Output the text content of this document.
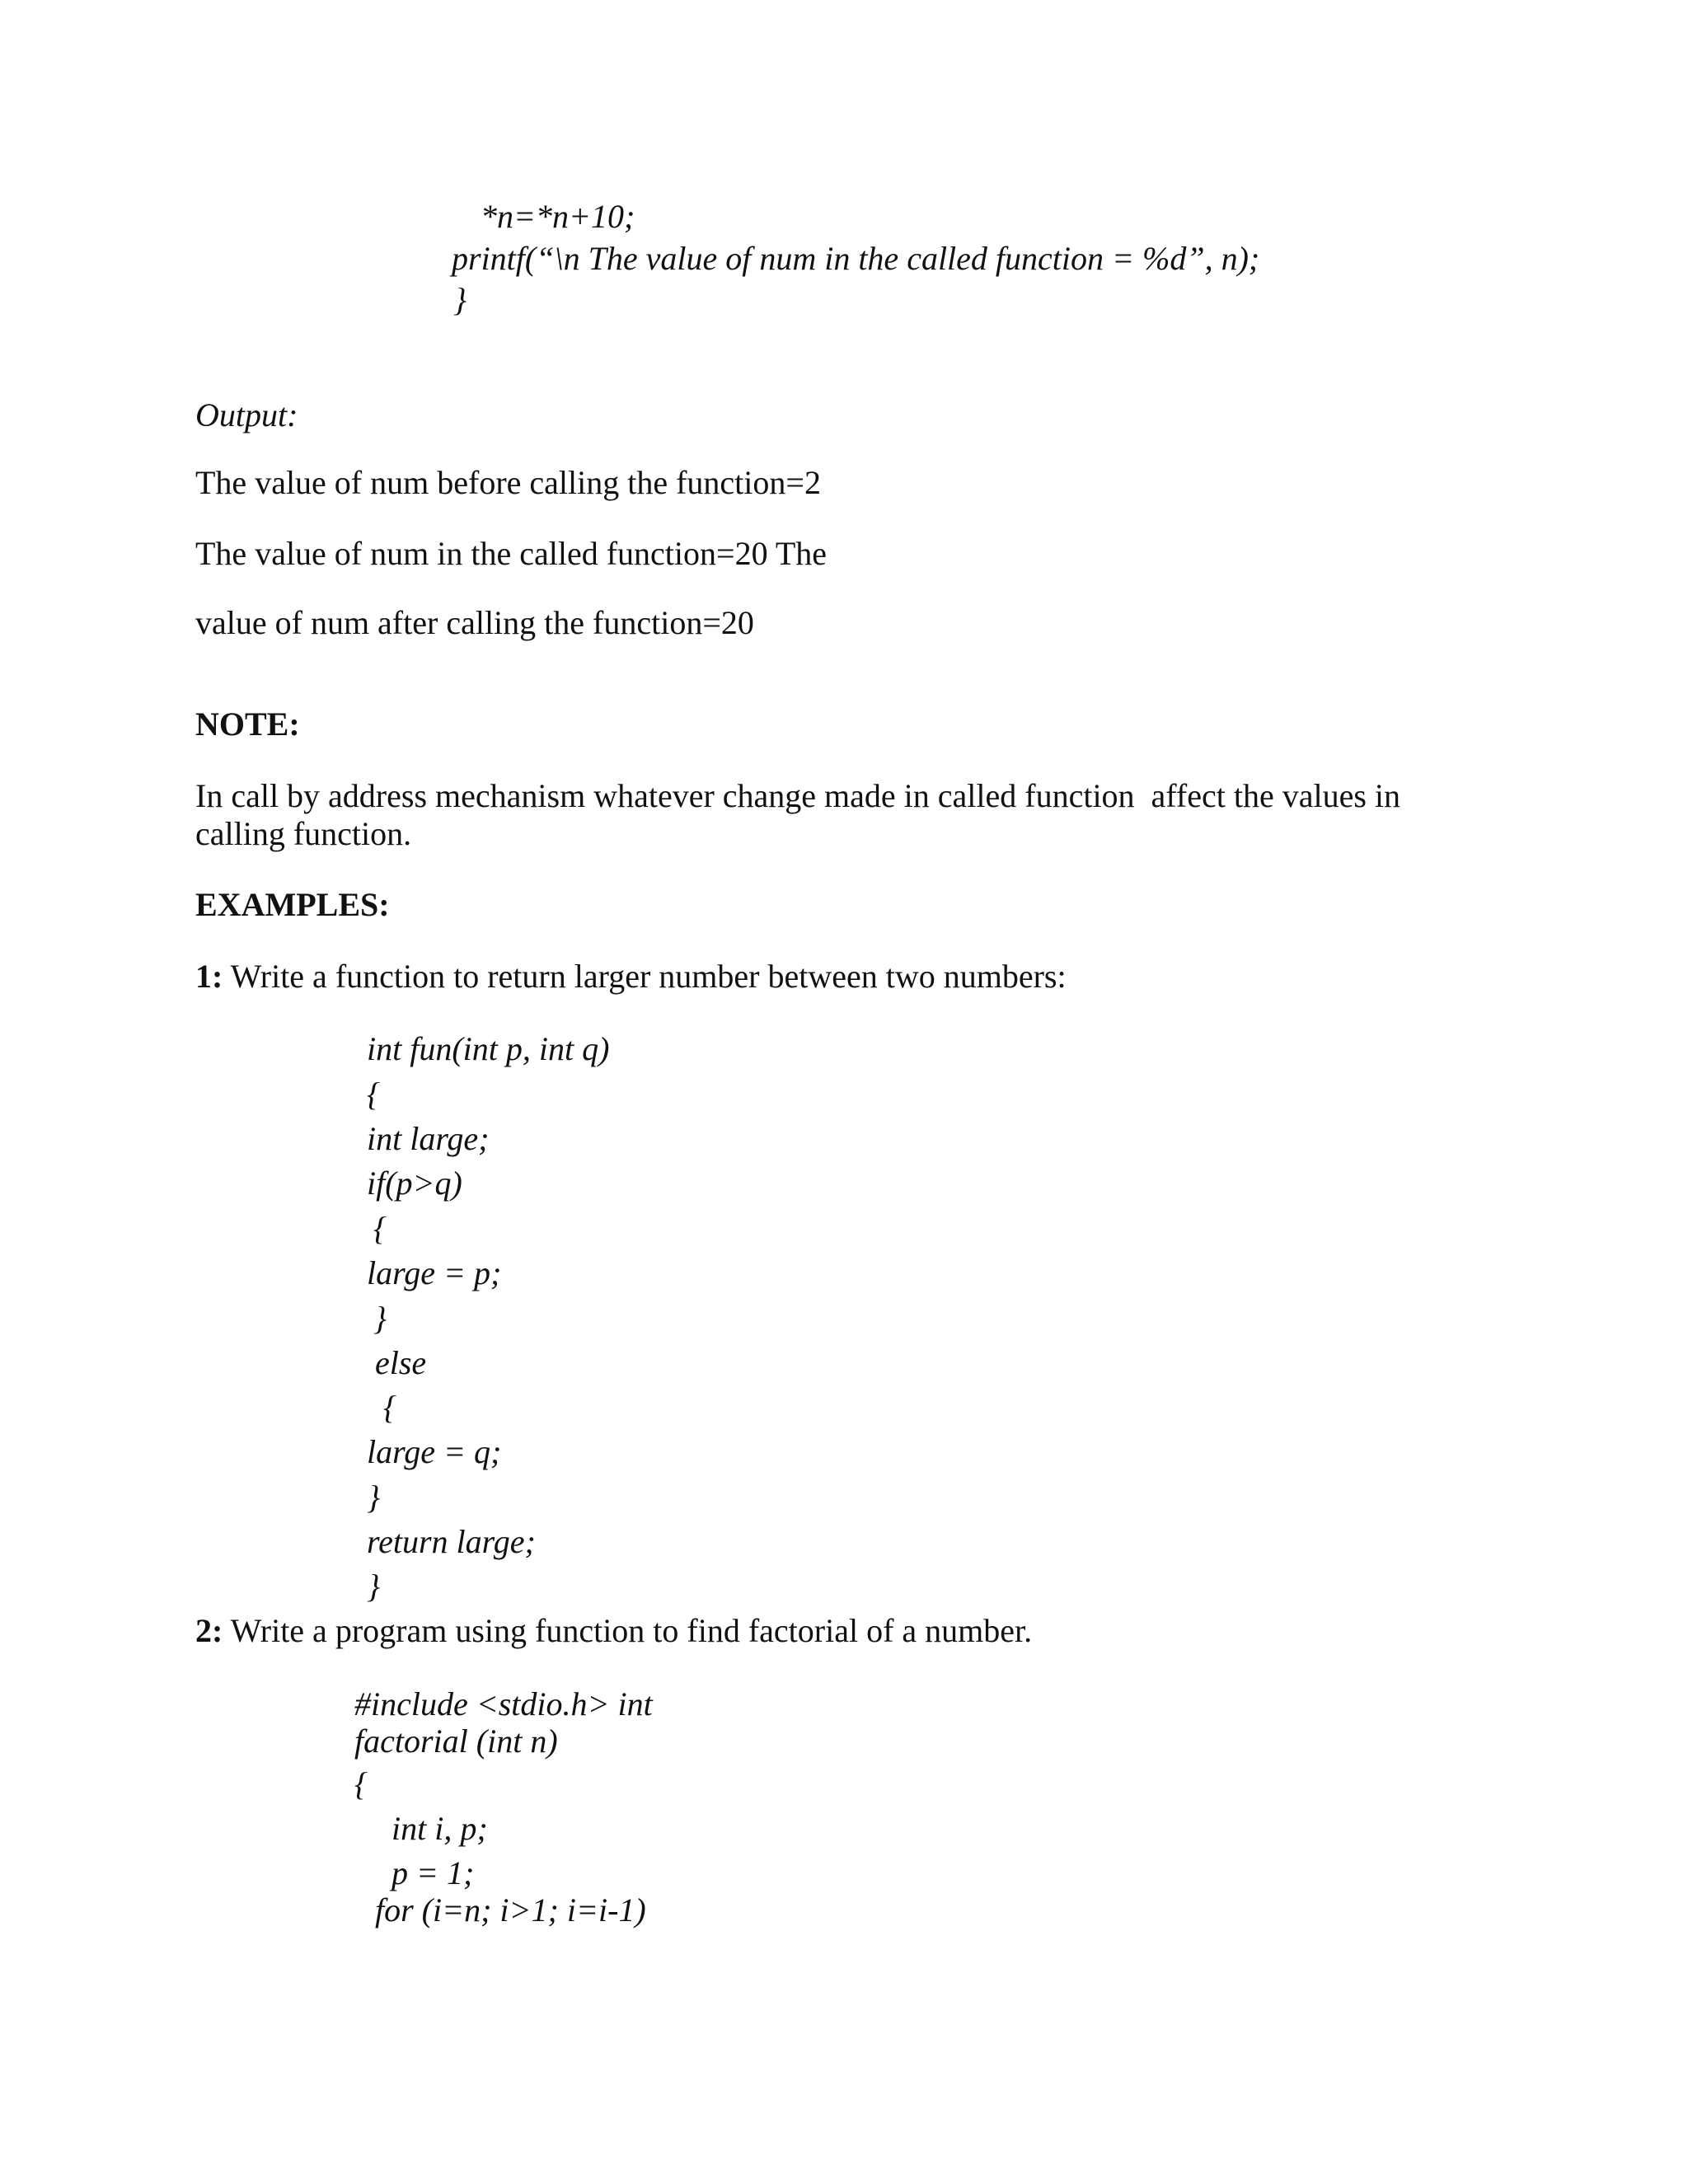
*n=*n+10;
printf(“\n The value of num in the called function = %d”, n);
}
Output:
The value of num before calling the function=2
The value of num in the called function=20 The
value of num after calling the function=20
NOTE:
In call by address mechanism whatever change made in called function  affect the values in
calling function.
EXAMPLES:
1: Write a function to return larger number between two numbers:
int fun(int p, int q)
{
int large;
if(p>q)
{
large = p;
}
else
{
large = q;
}
return large;
}
2: Write a program using function to find factorial of a number.
#include <stdio.h> int
factorial (int n)
{
int i, p;
p = 1;
for (i=n; i>1; i=i-1)
